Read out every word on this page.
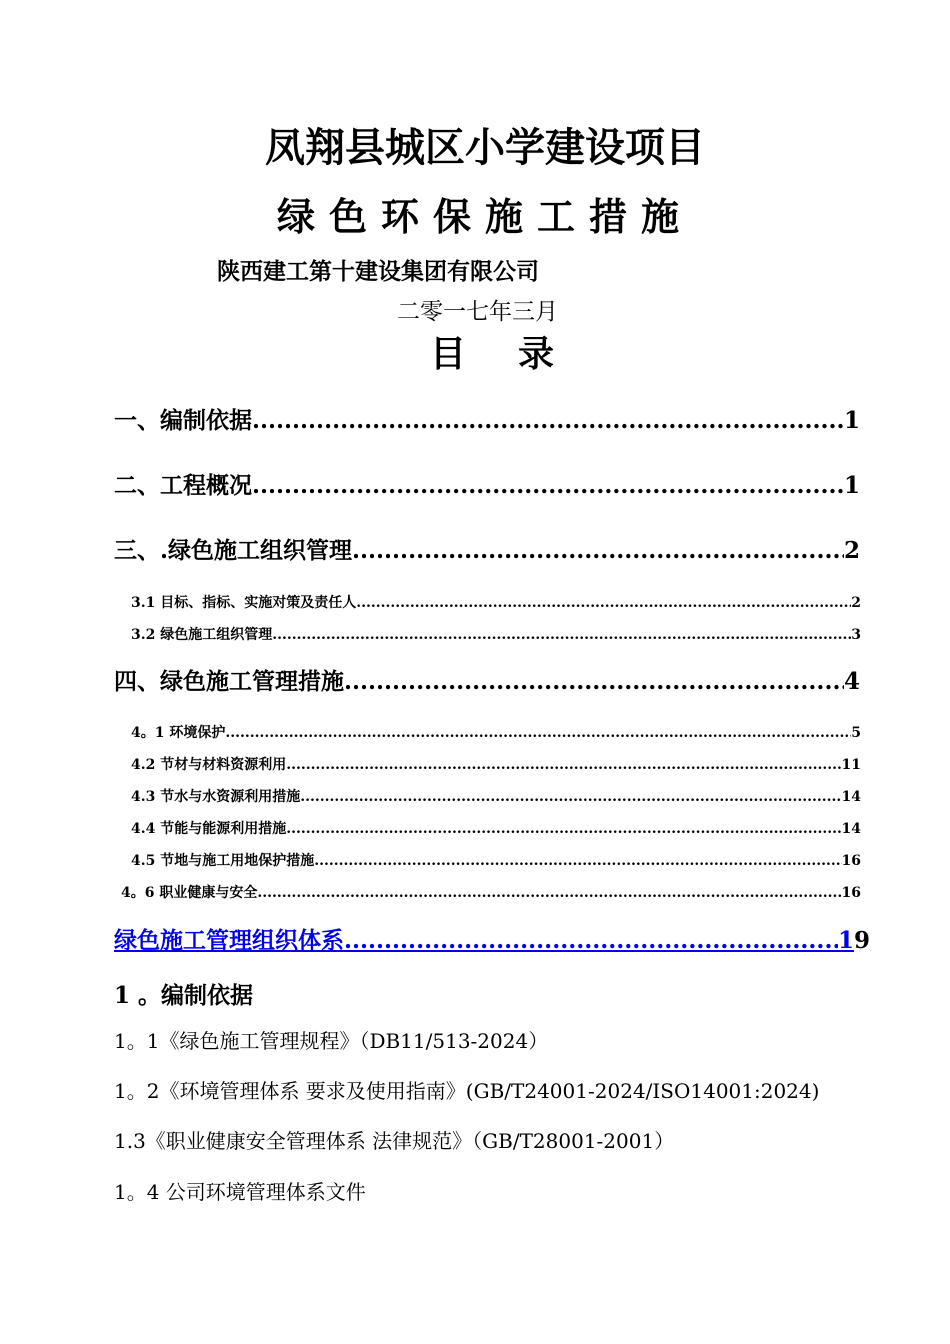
凤翔县城区小学建设项目
绿色环保施工措施
陕西建工第十建设集团有限公司
二零一七年三月
目 录
一、编制依据 .....	1
二、工程概况 .....	1
三、.绿色施工组织管理 .....	2
3.1 目标、指标、实施对策及责任人 .....	2
3.2 绿色施工组织管理 .....	3
四、绿色施工管理措施 .....	4
4。1 环境保护 .....	5
4.2 节材与材料资源利用 .....	11
4.3 节水与水资源利用措施 .....	14
4.4 节能与能源利用措施 .....	14
4.5 节地与施工用地保护措施 .....	16
4。6 职业健康与安全 .....	16
绿色施工管理组织体系 .....	19
1 。编制依据
1。1《绿色施工管理规程》（DB11/513-2024）
1。2《环境管理体系 要求及使用指南》(GB/T24001-2024/ISO14001:2024)
1.3《职业健康安全管理体系 法律规范》（GB/T28001-2001）
1。4 公司环境管理体系文件
